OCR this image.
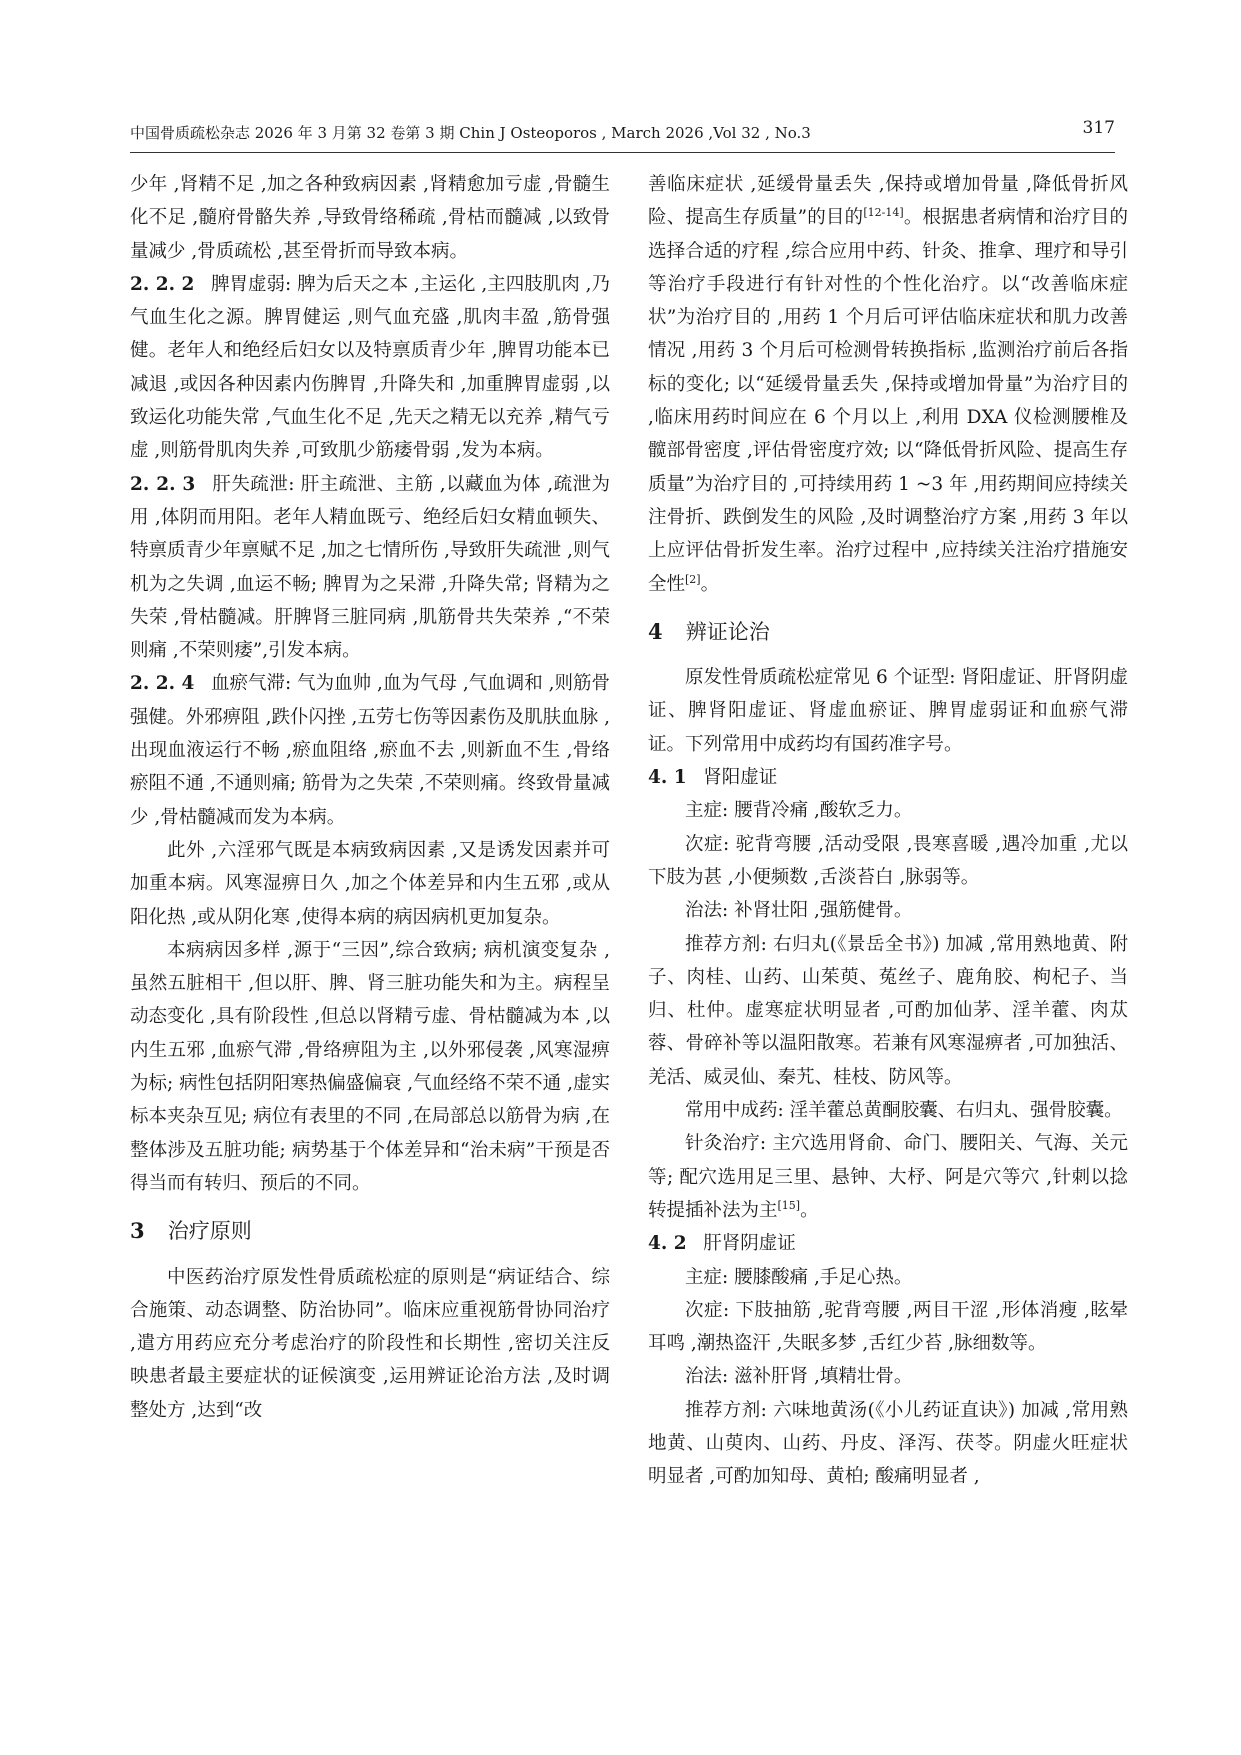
中国骨质疏松杂志 2026 年 3 月第 32 卷第 3 期 Chin J Osteoporos , March 2026 ,Vol 32 , No.3	317

少年 ,肾精不足 ,加之各种致病因素 ,肾精愈加亏虚 ,骨髓生化不足 ,髓府骨骼失养 ,导致骨络稀疏 ,骨枯而髓减 ,以致骨量减少 ,骨质疏松 ,甚至骨折而导致本病。

2. 2. 2 脾胃虚弱: 脾为后天之本 ,主运化 ,主四肢肌肉 ,乃气血生化之源。脾胃健运 ,则气血充盛 ,肌肉丰盈 ,筋骨强健。老年人和绝经后妇女以及特禀质青少年 ,脾胃功能本已减退 ,或因各种因素内伤脾胃 ,升降失和 ,加重脾胃虚弱 ,以致运化功能失常 ,气血生化不足 ,先天之精无以充养 ,精气亏虚 ,则筋骨肌肉失养 ,可致肌少筋痿骨弱 ,发为本病。

2. 2. 3 肝失疏泄: 肝主疏泄、主筋 ,以藏血为体 ,疏泄为用 ,体阴而用阳。老年人精血既亏、绝经后妇女精血顿失、特禀质青少年禀赋不足 ,加之七情所伤 ,导致肝失疏泄 ,则气机为之失调 ,血运不畅; 脾胃为之呆滞 ,升降失常; 肾精为之失荣 ,骨枯髓减。肝脾肾三脏同病 ,肌筋骨共失荣养 ,“不荣则痛 ,不荣则痿”,引发本病。

2. 2. 4 血瘀气滞: 气为血帅 ,血为气母 ,气血调和 ,则筋骨强健。外邪痹阻 ,跌仆闪挫 ,五劳七伤等因素伤及肌肤血脉 ,出现血液运行不畅 ,瘀血阻络 ,瘀血不去 ,则新血不生 ,骨络瘀阻不通 ,不通则痛; 筋骨为之失荣 ,不荣则痛。终致骨量减少 ,骨枯髓减而发为本病。

此外 ,六淫邪气既是本病致病因素 ,又是诱发因素并可加重本病。风寒湿痹日久 ,加之个体差异和内生五邪 ,或从阳化热 ,或从阴化寒 ,使得本病的病因病机更加复杂。

本病病因多样 ,源于“三因”,综合致病; 病机演变复杂 ,虽然五脏相干 ,但以肝、脾、肾三脏功能失和为主。病程呈动态变化 ,具有阶段性 ,但总以肾精亏虚、骨枯髓减为本 ,以内生五邪 ,血瘀气滞 ,骨络痹阻为主 ,以外邪侵袭 ,风寒湿痹为标; 病性包括阴阳寒热偏盛偏衰 ,气血经络不荣不通 ,虚实标本夹杂互见; 病位有表里的不同 ,在局部总以筋骨为病 ,在整体涉及五脏功能; 病势基于个体差异和“治未病”干预是否得当而有转归、预后的不同。

3 治疗原则

中医药治疗原发性骨质疏松症的原则是“病证结合、综合施策、动态调整、防治协同”。临床应重视筋骨协同治疗 ,遣方用药应充分考虑治疗的阶段性和长期性 ,密切关注反映患者最主要症状的证候演变 ,运用辨证论治方法 ,及时调整处方 ,达到“改

善临床症状 ,延缓骨量丢失 ,保持或增加骨量 ,降低骨折风险、提高生存质量”的目的[12-14]。根据患者病情和治疗目的选择合适的疗程 ,综合应用中药、针灸、推拿、理疗和导引等治疗手段进行有针对性的个性化治疗。以“改善临床症状”为治疗目的 ,用药 1 个月后可评估临床症状和肌力改善情况 ,用药 3 个月后可检测骨转换指标 ,监测治疗前后各指标的变化; 以“延缓骨量丢失 ,保持或增加骨量”为治疗目的 ,临床用药时间应在 6 个月以上 ,利用 DXA 仪检测腰椎及髋部骨密度 ,评估骨密度疗效; 以“降低骨折风险、提高生存质量”为治疗目的 ,可持续用药 1 ~3 年 ,用药期间应持续关注骨折、跌倒发生的风险 ,及时调整治疗方案 ,用药 3 年以上应评估骨折发生率。治疗过程中 ,应持续关注治疗措施安全性[2]。

4 辨证论治

原发性骨质疏松症常见 6 个证型: 肾阳虚证、肝肾阴虚证、脾肾阳虚证、肾虚血瘀证、脾胃虚弱证和血瘀气滞证。下列常用中成药均有国药准字号。

4. 1 肾阳虚证

主症: 腰背冷痛 ,酸软乏力。

次症: 驼背弯腰 ,活动受限 ,畏寒喜暖 ,遇冷加重 ,尤以下肢为甚 ,小便频数 ,舌淡苔白 ,脉弱等。

治法: 补肾壮阳 ,强筋健骨。

推荐方剂: 右归丸(《景岳全书》) 加减 ,常用熟地黄、附子、肉桂、山药、山茱萸、菟丝子、鹿角胶、枸杞子、当归、杜仲。虚寒症状明显者 ,可酌加仙茅、淫羊藿、肉苁蓉、骨碎补等以温阳散寒。若兼有风寒湿痹者 ,可加独活、羌活、威灵仙、秦艽、桂枝、防风等。

常用中成药: 淫羊藿总黄酮胶囊、右归丸、强骨胶囊。

针灸治疗: 主穴选用肾俞、命门、腰阳关、气海、关元等; 配穴选用足三里、悬钟、大杼、阿是穴等穴 ,针刺以捻转提插补法为主[15]。

4. 2 肝肾阴虚证

主症: 腰膝酸痛 ,手足心热。

次症: 下肢抽筋 ,驼背弯腰 ,两目干涩 ,形体消瘦 ,眩晕耳鸣 ,潮热盗汗 ,失眠多梦 ,舌红少苔 ,脉细数等。

治法: 滋补肝肾 ,填精壮骨。

推荐方剂: 六味地黄汤(《小儿药证直诀》) 加减 ,常用熟地黄、山萸肉、山药、丹皮、泽泻、茯苓。阴虚火旺症状明显者 ,可酌加知母、黄柏; 酸痛明显者 ,
